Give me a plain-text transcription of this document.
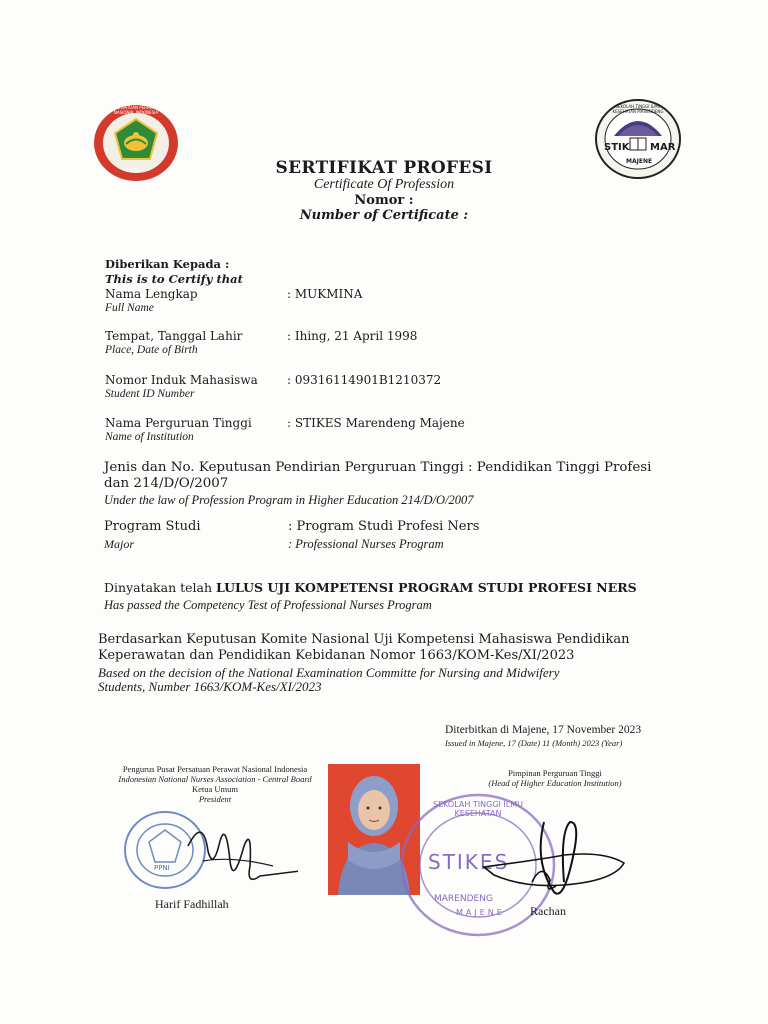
PPNI
PERSATUAN PERAWAT NASIONAL INDONESIA
STIK MAR
MAJENE
SEKOLAH TINGGI ILMU KESEHATAN MARENDENG
SERTIFIKAT PROFESI
Certificate Of Profession
Nomor :
Number of Certificate :
Diberikan Kepada :
This is to Certify that
Nama Lengkap
Full Name
: MUKMINA
Tempat, Tanggal Lahir
Place, Date of Birth
: Ihing, 21 April 1998
Nomor Induk Mahasiswa
Student ID Number
: 09316114901B1210372
Nama Perguruan Tinggi
Name of Institution
: STIKES Marendeng Majene
Jenis dan No. Keputusan Pendirian Perguruan Tinggi : Pendidikan Tinggi Profesi
dan 214/D/O/2007
Under the law of Profession Program in Higher Education 214/D/O/2007
Program Studi
Major
: Program Studi Profesi Ners
: Professional Nurses Program
Dinyatakan telah LULUS UJI KOMPETENSI PROGRAM STUDI PROFESI NERS
Has passed the Competency Test of Professional Nurses Program
Berdasarkan Keputusan Komite Nasional Uji Kompetensi Mahasiswa Pendidikan
Keperawatan dan Pendidikan Kebidanan Nomor 1663/KOM-Kes/XI/2023
Based on the decision of the National Examination Committe for Nursing and Midwifery
Students, Number 1663/KOM-Kes/XI/2023
Diterbitkan di Majene, 17 November 2023
Issued in Majene, 17 (Date) 11 (Month) 2023 (Year)
Pengurus Pusat Persatuan Perawat Nasional Indonesia
Indonesian National Nurses Association - Central Board
Ketua Umum
President
PPNI
Harif Fadhillah
Pimpinan Perguruan Tinggi
(Head of Higher Education Institution)
SEKOLAH TINGGI ILMU KESEHATAN
STIKES
MARENDENG
MAJENE Rachan
